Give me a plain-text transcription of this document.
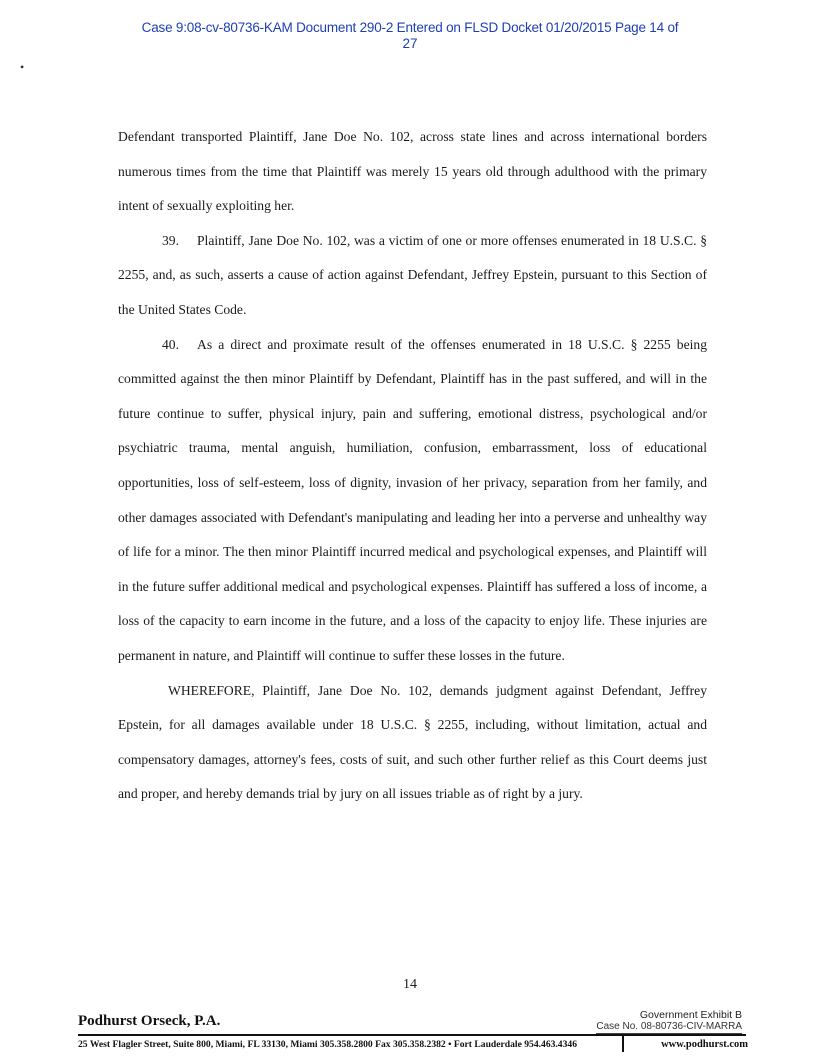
Case 9:08-cv-80736-KAM Document 290-2 Entered on FLSD Docket 01/20/2015 Page 14 of
27
•

Defendant transported Plaintiff, Jane Doe No. 102, across state lines and across international borders numerous times from the time that Plaintiff was merely 15 years old through adulthood with the primary intent of sexually exploiting her.

39. Plaintiff, Jane Doe No. 102, was a victim of one or more offenses enumerated in 18 U.S.C. § 2255, and, as such, asserts a cause of action against Defendant, Jeffrey Epstein, pursuant to this Section of the United States Code.

40. As a direct and proximate result of the offenses enumerated in 18 U.S.C. § 2255 being committed against the then minor Plaintiff by Defendant, Plaintiff has in the past suffered, and will in the future continue to suffer, physical injury, pain and suffering, emotional distress, psychological and/or psychiatric trauma, mental anguish, humiliation, confusion, embarrassment, loss of educational opportunities, loss of self-esteem, loss of dignity, invasion of her privacy, separation from her family, and other damages associated with Defendant's manipulating and leading her into a perverse and unhealthy way of life for a minor. The then minor Plaintiff incurred medical and psychological expenses, and Plaintiff will in the future suffer additional medical and psychological expenses. Plaintiff has suffered a loss of income, a loss of the capacity to earn income in the future, and a loss of the capacity to enjoy life. These injuries are permanent in nature, and Plaintiff will continue to suffer these losses in the future.

WHEREFORE, Plaintiff, Jane Doe No. 102, demands judgment against Defendant, Jeffrey Epstein, for all damages available under 18 U.S.C. § 2255, including, without limitation, actual and compensatory damages, attorney's fees, costs of suit, and such other further relief as this Court deems just and proper, and hereby demands trial by jury on all issues triable as of right by a jury.

14
Government Exhibit B
Case No. 08-80736-CIV-MARRA
Podhurst Orseck, P.A.
25 West Flagler Street, Suite 800, Miami, FL 33130, Miami 305.358.2800 Fax 305.358.2382 • Fort Lauderdale 954.463.4346	www.podhurst.com
